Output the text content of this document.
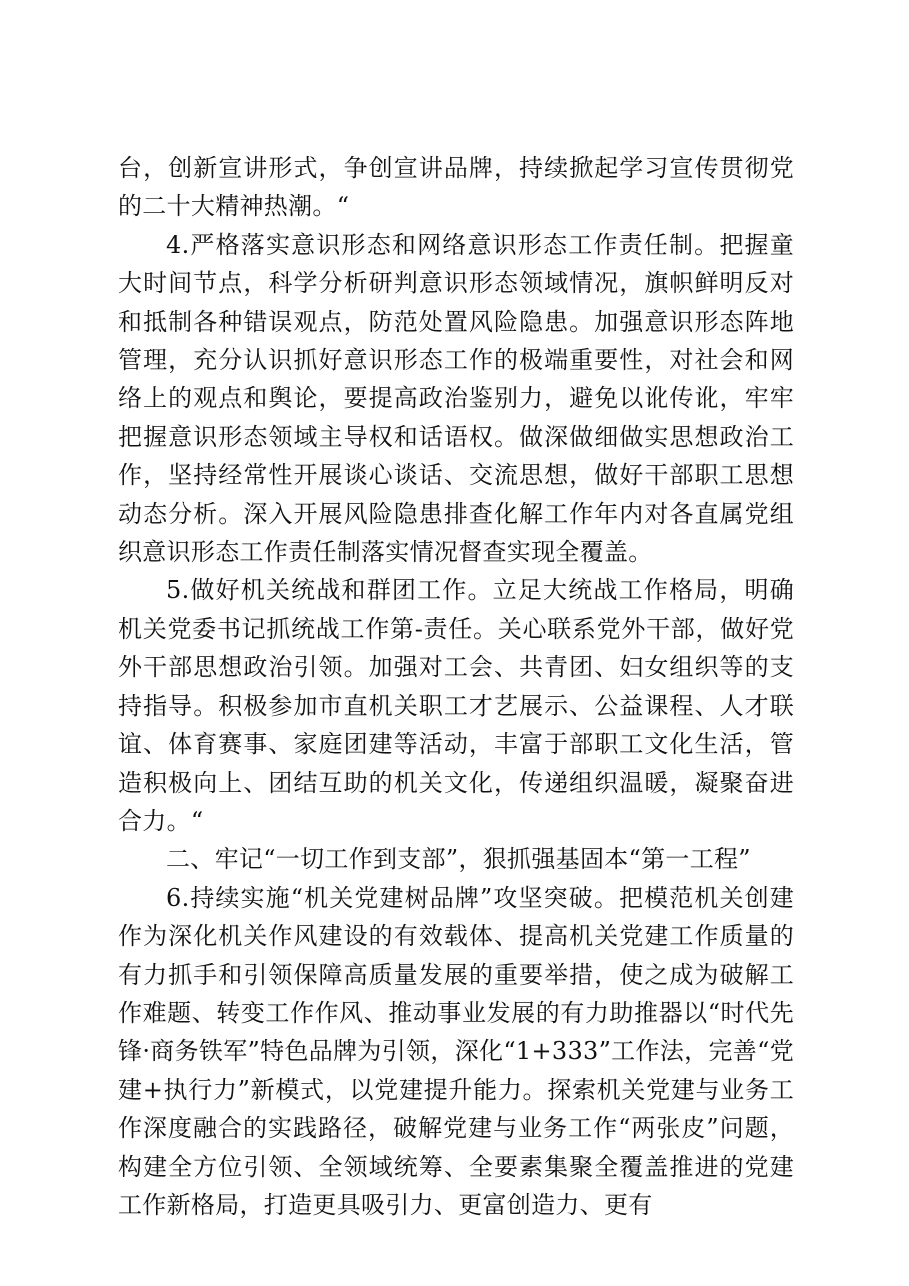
台，创新宣讲形式，争创宣讲品牌，持续掀起学习宣传贯彻党的二十大精神热潮。“

4.严格落实意识形态和网络意识形态工作责任制。把握童大时间节点，科学分析研判意识形态领域情况，旗帜鲜明反对和抵制各种错误观点，防范处置风险隐患。加强意识形态阵地管理，充分认识抓好意识形态工作的极端重要性，对社会和网络上的观点和舆论，要提高政治鉴别力，避免以讹传讹，牢牢把握意识形态领域主导权和话语权。做深做细做实思想政治工作，坚持经常性开展谈心谈话、交流思想，做好干部职工思想动态分析。深入开展风险隐患排查化解工作年内对各直属党组织意识形态工作责任制落实情况督查实现全覆盖。

5.做好机关统战和群团工作。立足大统战工作格局，明确机关党委书记抓统战工作第-责任。关心联系党外干部，做好党外干部思想政治引领。加强对工会、共青团、妇女组织等的支持指导。积极参加市直机关职工才艺展示、公益课程、人才联谊、体育赛事、家庭团建等活动，丰富于部职工文化生活，管造积极向上、团结互助的机关文化，传递组织温暖，凝聚奋进合力。“

二、牢记“一切工作到支部”，狠抓强基固本“第一工程”

6.持续实施“机关党建树品牌”攻坚突破。把模范机关创建作为深化机关作风建设的有效载体、提高机关党建工作质量的有力抓手和引领保障高质量发展的重要举措，使之成为破解工作难题、转变工作作风、推动事业发展的有力助推器以“时代先锋·商务铁军”特色品牌为引领，深化“1+333”工作法，完善“党建+执行力”新模式，以党建提升能力。探索机关党建与业务工作深度融合的实践路径，破解党建与业务工作“两张皮”问题，构建全方位引领、全领域统筹、全要素集聚全覆盖推进的党建工作新格局，打造更具吸引力、更富创造力、更有
